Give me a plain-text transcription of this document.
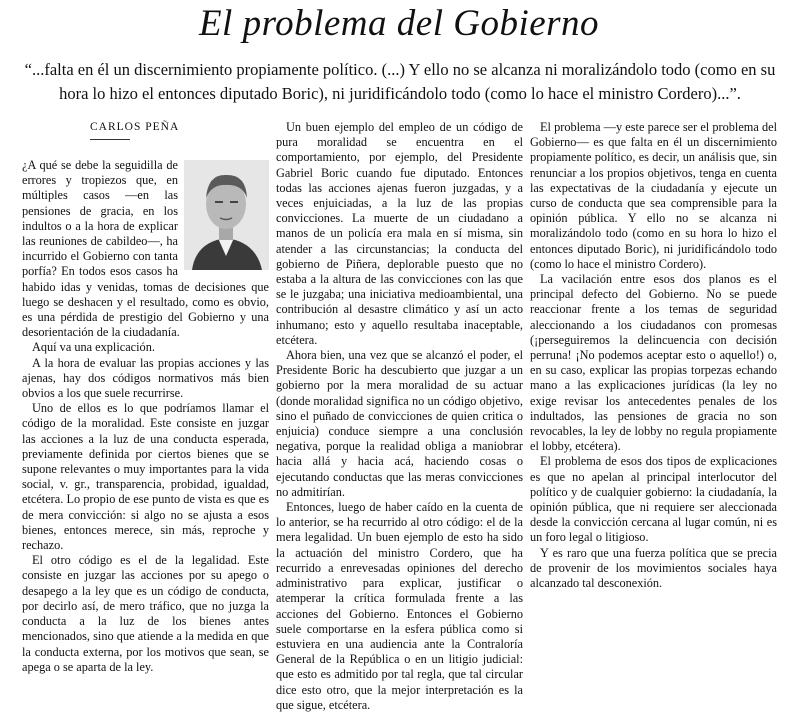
El problema del Gobierno
“...falta en él un discernimiento propiamente político. (...) Y ello no se alcanza ni moralizándolo todo (como en su hora lo hizo el entonces diputado Boric), ni juridificándolo todo (como lo hace el ministro Cordero)...”.
CARLOS PEÑA

¿A qué se debe la seguidilla de errores y tropiezos que, en múltiples casos —en las pensiones de gracia, en los indultos o a la hora de explicar las reuniones de cabildeo—, ha incurrido el Gobierno con tanta porfía? En todos esos casos ha habido idas y venidas, tomas de decisiones que luego se deshacen y el resultado, como es obvio, es una pérdida de prestigio del Gobierno y una desorientación de la ciudadanía.

Aquí va una explicación.

A la hora de evaluar las propias acciones y las ajenas, hay dos códigos normativos más bien obvios a los que suele recurrirse.

Uno de ellos es lo que podríamos llamar el código de la moralidad. Este consiste en juzgar las acciones a la luz de una conducta esperada, previamente definida por ciertos bienes que se supone relevantes o muy importantes para la vida social, v. gr., transparencia, probidad, igualdad, etcétera. Lo propio de ese punto de vista es que es de mera convicción: si algo no se ajusta a esos bienes, entonces merece, sin más, reproche y rechazo.

El otro código es el de la legalidad. Este consiste en juzgar las acciones por su apego o desapego a la ley que es un código de conducta, por decirlo así, de mero tráfico, que no juzga la conducta a la luz de los bienes antes mencionados, sino que atiende a la medida en que la conducta externa, por los motivos que sean, se apega o se aparta de la ley.

Un buen ejemplo del empleo de un código de pura moralidad se encuentra en el comportamiento, por ejemplo, del Presidente Gabriel Boric cuando fue diputado. Entonces todas las acciones ajenas fueron juzgadas, y a veces enjuiciadas, a la luz de las propias convicciones. La muerte de un ciudadano a manos de un policía era mala en sí misma, sin atender a las circunstancias; la conducta del gobierno de Piñera, deplorable puesto que no estaba a la altura de las convicciones con las que se le juzgaba; una iniciativa medioambiental, una contribución al desastre climático y así un acto inhumano; esto y aquello resultaba inaceptable, etcétera.

Ahora bien, una vez que se alcanzó el poder, el Presidente Boric ha descubierto que juzgar a un gobierno por la mera moralidad de su actuar (donde moralidad significa no un código objetivo, sino el puñado de convicciones de quien critica o enjuicia) conduce siempre a una conclusión negativa, porque la realidad obliga a maniobrar hacia allá y hacia acá, haciendo cosas o ejecutando conductas que las meras convicciones no admitirían.

Entonces, luego de haber caído en la cuenta de lo anterior, se ha recurrido al otro código: el de la mera legalidad. Un buen ejemplo de esto ha sido la actuación del ministro Cordero, que ha recurrido a enrevesadas opiniones del derecho administrativo para explicar, justificar o atemperar la crítica formulada frente a las acciones del Gobierno. Entonces el Gobierno suele comportarse en la esfera pública como si estuviera en una audiencia ante la Contraloría General de la República o en un litigio judicial: que esto es admitido por tal regla, que tal circular dice esto otro, que la mejor interpretación es la que sigue, etcétera.

El problema —y este parece ser el problema del Gobierno— es que falta en él un discernimiento propiamente político, es decir, un análisis que, sin renunciar a los propios objetivos, tenga en cuenta las expectativas de la ciudadanía y ejecute un curso de conducta que sea comprensible para la opinión pública. Y ello no se alcanza ni moralizándolo todo (como en su hora lo hizo el entonces diputado Boric), ni juridificándolo todo (como lo hace el ministro Cordero).

La vacilación entre esos dos planos es el principal defecto del Gobierno. No se puede reaccionar frente a los temas de seguridad aleccionando a los ciudadanos con promesas (¡perseguiremos la delincuencia con decisión perruna! ¡No podemos aceptar esto o aquello!) o, en su caso, explicar las propias torpezas echando mano a las explicaciones jurídicas (la ley no exige revisar los antecedentes penales de los indultados, las pensiones de gracia no son revocables, la ley de lobby no regula propiamente el lobby, etcétera).

El problema de esos dos tipos de explicaciones es que no apelan al principal interlocutor del político y de cualquier gobierno: la ciudadanía, la opinión pública, que ni requiere ser aleccionada desde la convicción cercana al lugar común, ni es un foro legal o litigioso.

Y es raro que una fuerza política que se precia de provenir de los movimientos sociales haya alcanzado tal desconexión.
